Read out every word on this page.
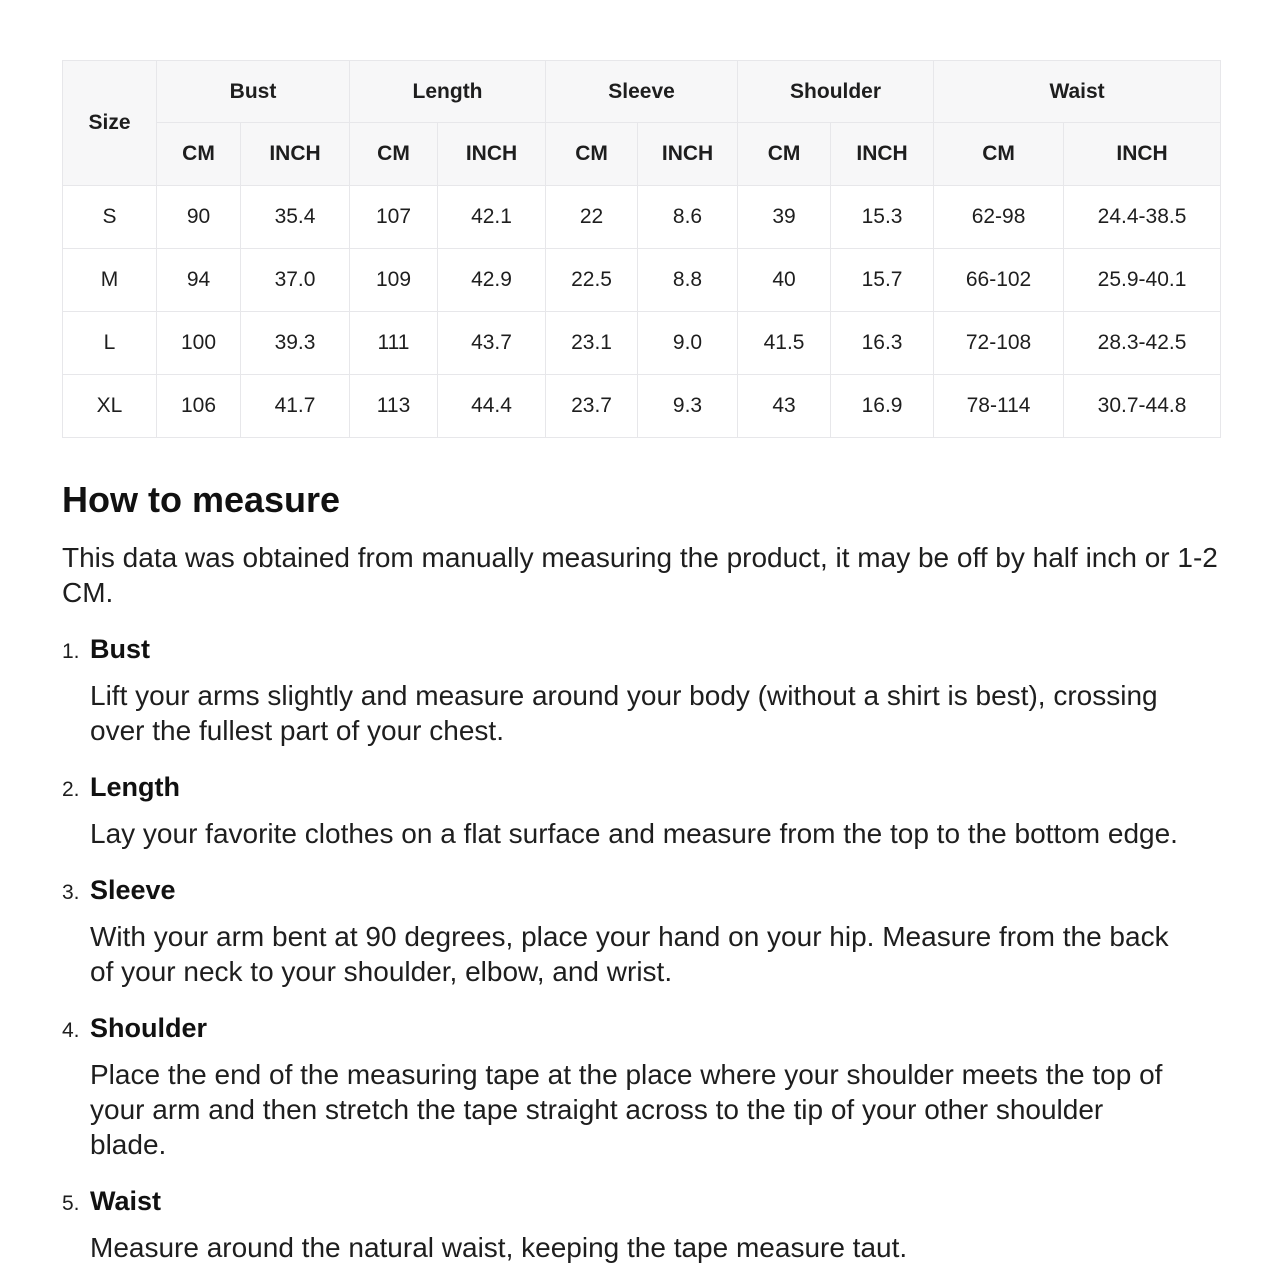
Size	Bust		Length		Sleeve		Shoulder		Waist	
	CM	INCH	CM	INCH	CM	INCH	CM	INCH	CM	INCH
S	90	35.4	107	42.1	22	8.6	39	15.3	62-98	24.4-38.5
M	94	37.0	109	42.9	22.5	8.8	40	15.7	66-102	25.9-40.1
L	100	39.3	111	43.7	23.1	9.0	41.5	16.3	72-108	28.3-42.5
XL	106	41.7	113	44.4	23.7	9.3	43	16.9	78-114	30.7-44.8
How to measure

This data was obtained from manually measuring the product, it may be off by half inch or 1-2 CM.

1. Bust

Lift your arms slightly and measure around your body (without a shirt is best), crossing over the fullest part of your chest.

2. Length

Lay your favorite clothes on a flat surface and measure from the top to the bottom edge.

3. Sleeve

With your arm bent at 90 degrees, place your hand on your hip. Measure from the back of your neck to your shoulder, elbow, and wrist.

4. Shoulder

Place the end of the measuring tape at the place where your shoulder meets the top of your arm and then stretch the tape straight across to the tip of your other shoulder blade.

5. Waist

Measure around the natural waist, keeping the tape measure taut.
